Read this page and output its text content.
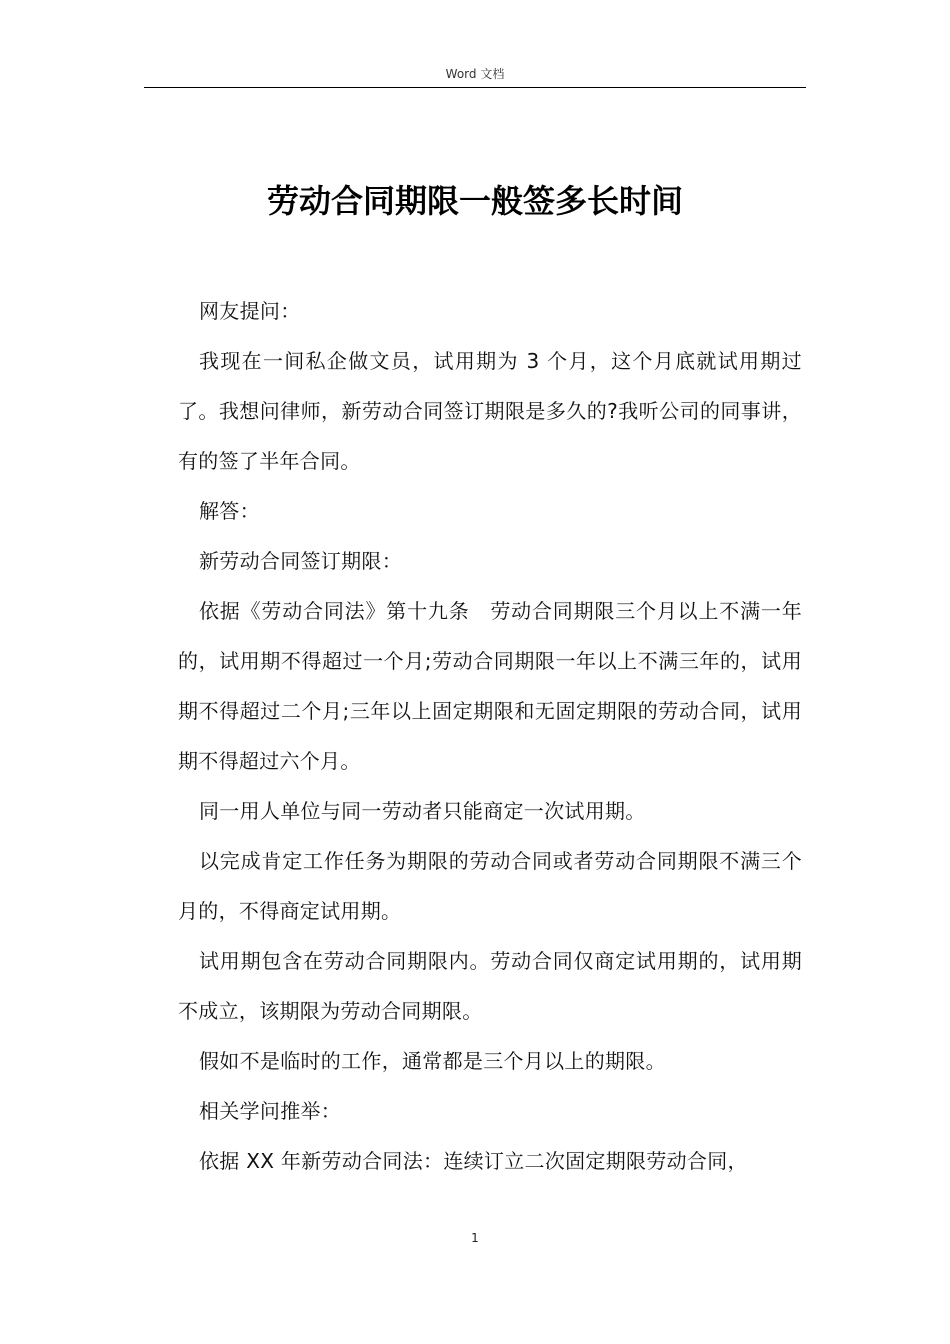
Word 文档
劳动合同期限一般签多长时间

网友提问：

我现在一间私企做文员，试用期为 3 个月，这个月底就试用期过了。我想问律师，新劳动合同签订期限是多久的?我听公司的同事讲，有的签了半年合同。

解答：

新劳动合同签订期限：

依据《劳动合同法》第十九条　劳动合同期限三个月以上不满一年的，试用期不得超过一个月;劳动合同期限一年以上不满三年的，试用期不得超过二个月;三年以上固定期限和无固定期限的劳动合同，试用期不得超过六个月。

同一用人单位与同一劳动者只能商定一次试用期。

以完成肯定工作任务为期限的劳动合同或者劳动合同期限不满三个月的，不得商定试用期。

试用期包含在劳动合同期限内。劳动合同仅商定试用期的，试用期不成立，该期限为劳动合同期限。

假如不是临时的工作，通常都是三个月以上的期限。

相关学问推举：

依据 XX 年新劳动合同法：连续订立二次固定期限劳动合同，

1
